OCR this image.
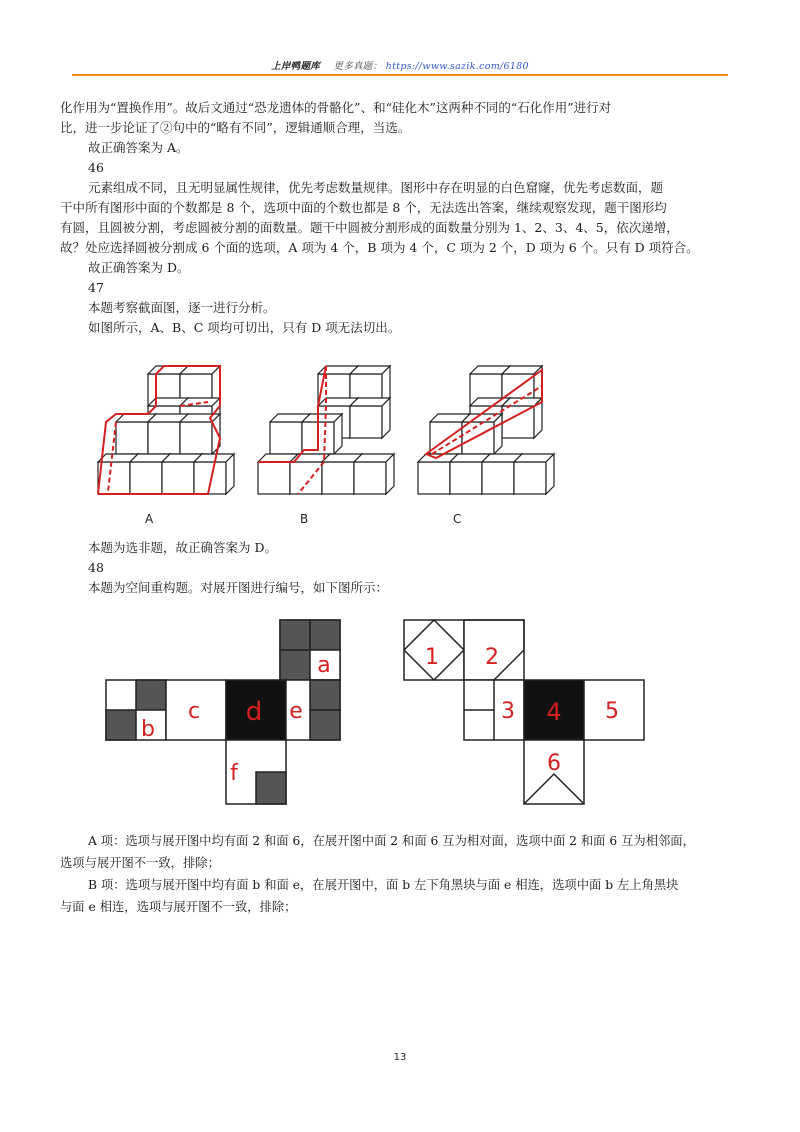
上岸鸭题库 更多真题： https://www.sazik.com/6180

化作用为“置换作用”。故后文通过“恐龙遗体的骨骼化”、和“硅化木”这两种不同的“石化作用”进行对

比，进一步论证了②句中的“略有不同”，逻辑通顺合理，当选。

故正确答案为 A。

46

元素组成不同，且无明显属性规律，优先考虑数量规律。图形中存在明显的白色窟窿，优先考虑数面，题

干中所有图形中面的个数都是 8 个，选项中面的个数也都是 8 个，无法选出答案，继续观察发现，题干图形均

有圆，且圆被分割，考虑圆被分割的面数量。题干中圆被分割形成的面数量分别为 1、2、3、4、5，依次递增，

故？处应选择圆被分割成 6 个面的选项，A 项为 4 个，B 项为 4 个，C 项为 2 个，D 项为 6 个。只有 D 项符合。

故正确答案为 D。

47

本题考察截面图，逐一进行分析。

如图所示，A、B、C 项均可切出，只有 D 项无法切出。

A	B	C

本题为选非题，故正确答案为 D。

48

本题为空间重构题。对展开图进行编号，如下图所示：

a
b
c d e
f
1 2
3 4 5
6

A 项：选项与展开图中均有面 2 和面 6，在展开图中面 2 和面 6 互为相对面，选项中面 2 和面 6 互为相邻面，

选项与展开图不一致，排除；

B 项：选项与展开图中均有面 b 和面 e，在展开图中，面 b 左下角黑块与面 e 相连，选项中面 b 左上角黑块

与面 e 相连，选项与展开图不一致，排除；

13
